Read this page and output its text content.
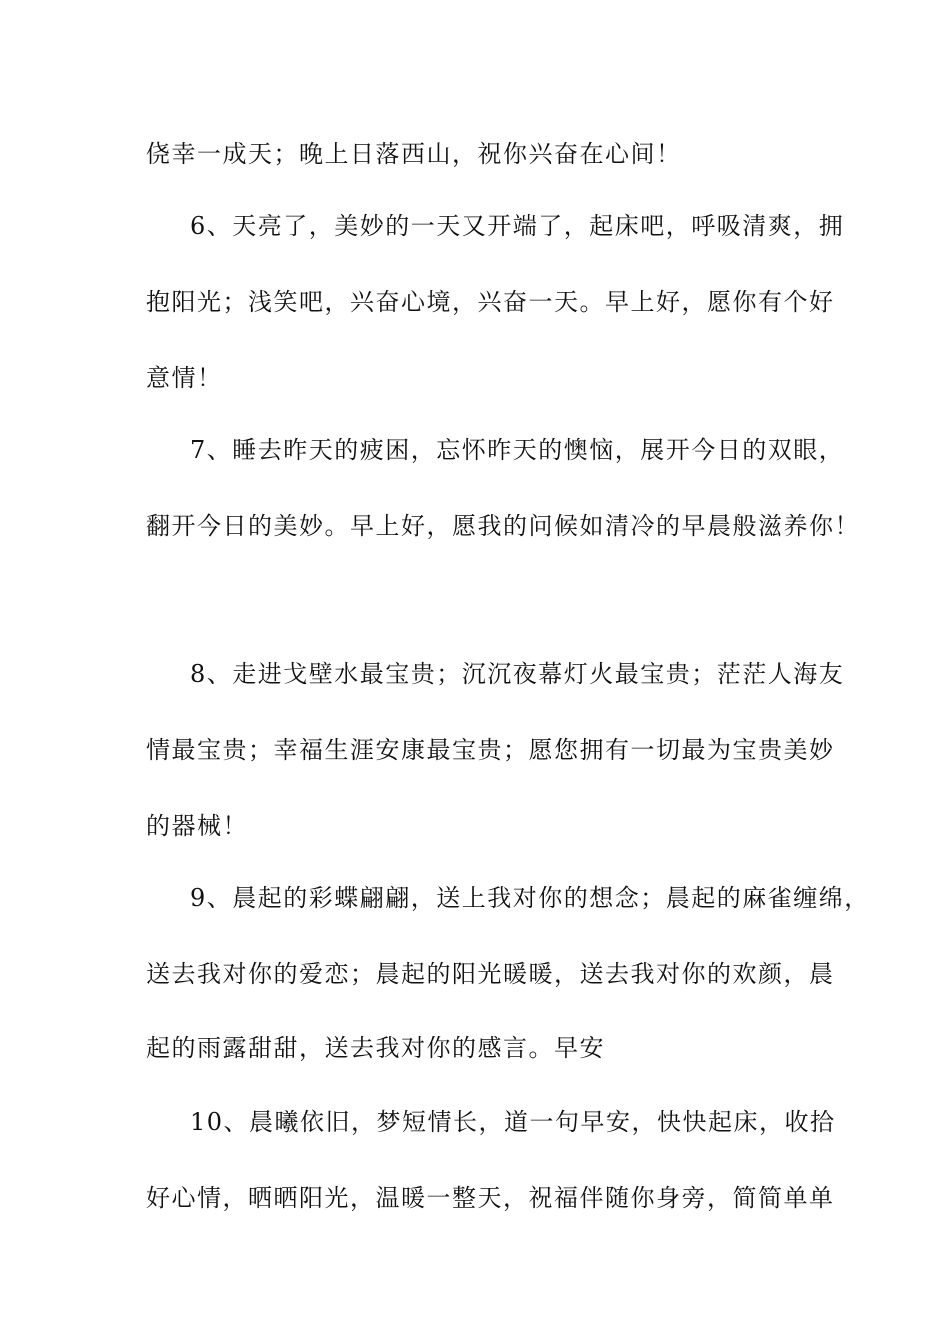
侥幸一成天；晚上日落西山，祝你兴奋在心间！
6、天亮了，美妙的一天又开端了，起床吧，呼吸清爽，拥
抱阳光；浅笑吧，兴奋心境，兴奋一天。早上好，愿你有个好
意情！
7、睡去昨天的疲困，忘怀昨天的懊恼，展开今日的双眼，
翻开今日的美妙。早上好，愿我的问候如清冷的早晨般滋养你！
8、走进戈壁水最宝贵；沉沉夜幕灯火最宝贵；茫茫人海友
情最宝贵；幸福生涯安康最宝贵；愿您拥有一切最为宝贵美妙
的器械！
9、晨起的彩蝶翩翩，送上我对你的想念；晨起的麻雀缠绵，
送去我对你的爱恋；晨起的阳光暖暖，送去我对你的欢颜，晨
起的雨露甜甜，送去我对你的感言。早安
10、晨曦依旧，梦短情长，道一句早安，快快起床，收拾
好心情，晒晒阳光，温暖一整天，祝福伴随你身旁，简简单单
